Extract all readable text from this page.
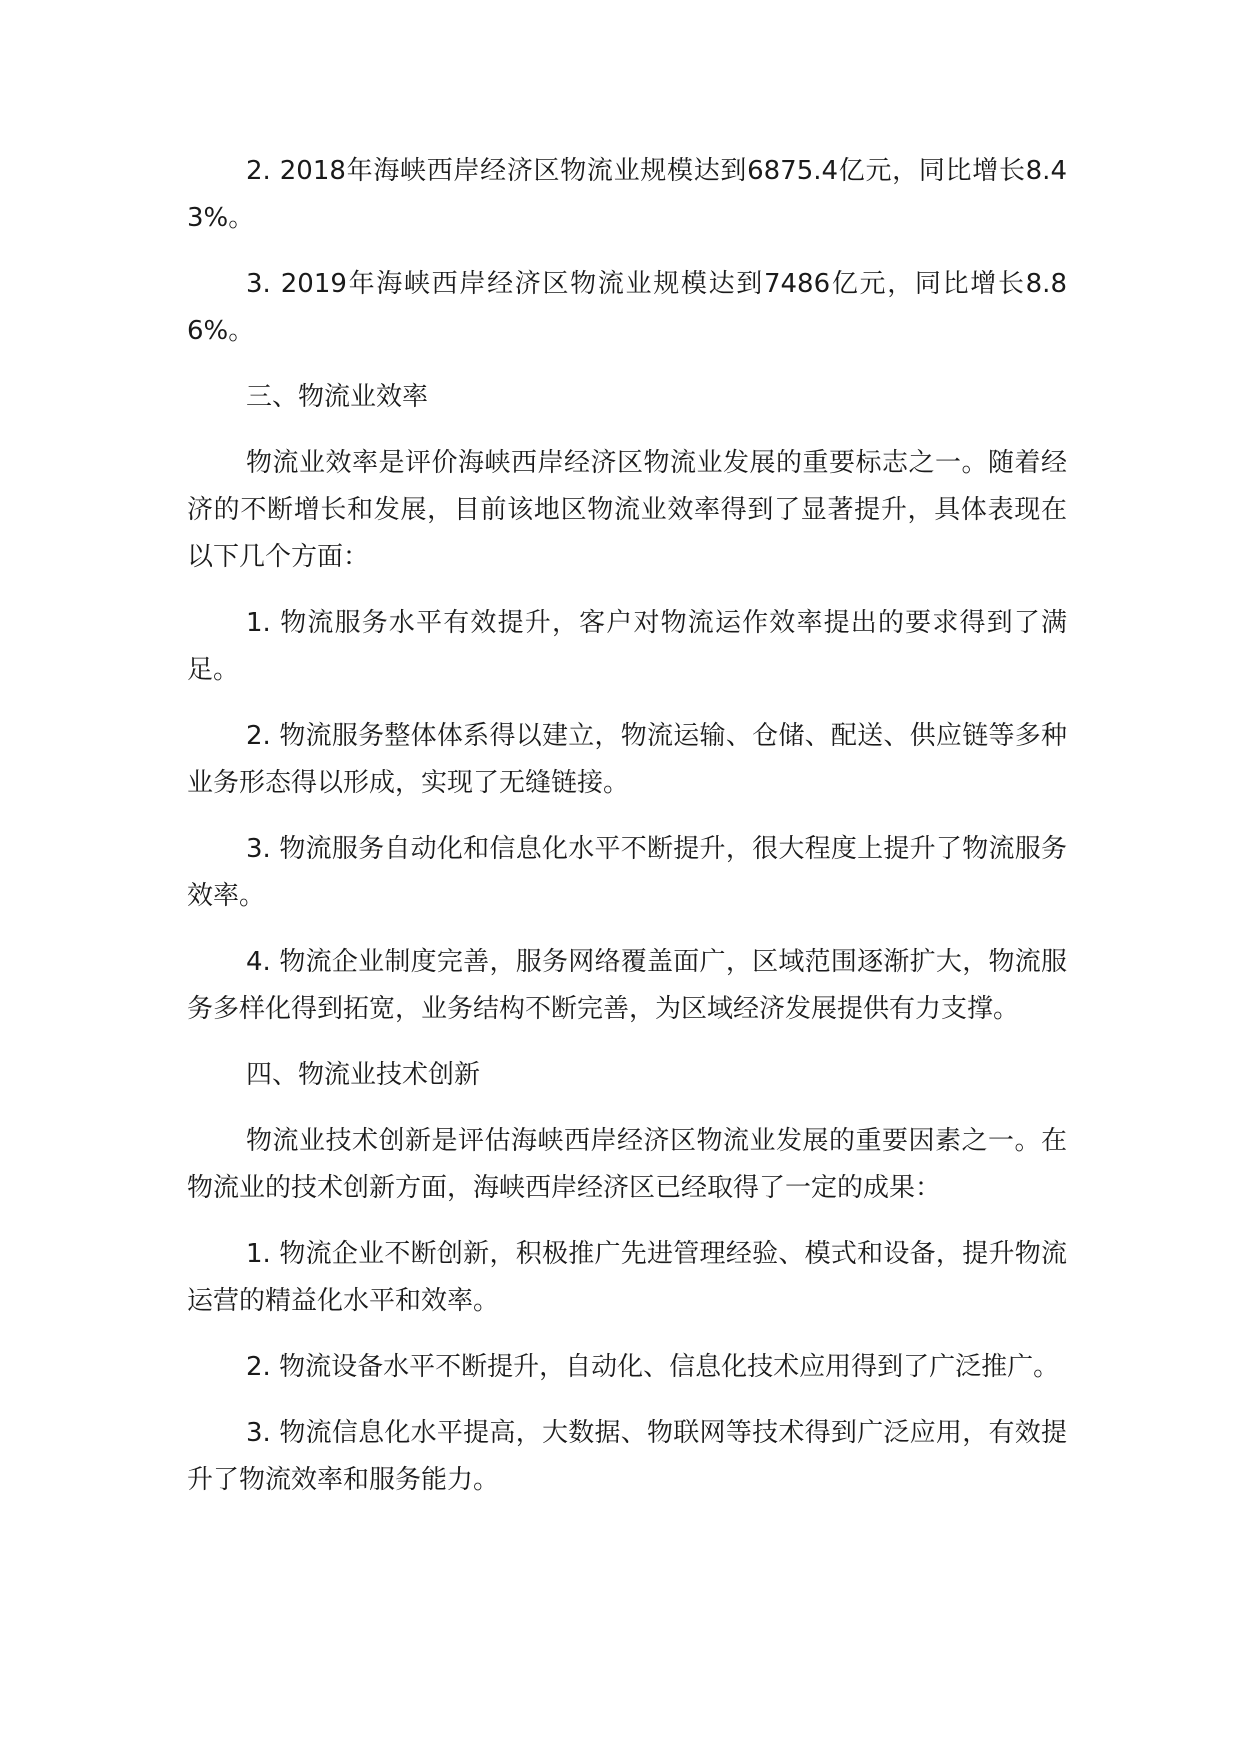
2. 2018年海峡西岸经济区物流业规模达到6875.4亿元，同比增长8.43%。

3. 2019年海峡西岸经济区物流业规模达到7486亿元，同比增长8.86%。

三、物流业效率

物流业效率是评价海峡西岸经济区物流业发展的重要标志之一。随着经济的不断增长和发展，目前该地区物流业效率得到了显著提升，具体表现在以下几个方面：

1. 物流服务水平有效提升，客户对物流运作效率提出的要求得到了满足。

2. 物流服务整体体系得以建立，物流运输、仓储、配送、供应链等多种业务形态得以形成，实现了无缝链接。

3. 物流服务自动化和信息化水平不断提升，很大程度上提升了物流服务效率。

4. 物流企业制度完善，服务网络覆盖面广，区域范围逐渐扩大，物流服务多样化得到拓宽，业务结构不断完善，为区域经济发展提供有力支撑。

四、物流业技术创新

物流业技术创新是评估海峡西岸经济区物流业发展的重要因素之一。在物流业的技术创新方面，海峡西岸经济区已经取得了一定的成果：

1. 物流企业不断创新，积极推广先进管理经验、模式和设备，提升物流运营的精益化水平和效率。

2. 物流设备水平不断提升，自动化、信息化技术应用得到了广泛推广。

3. 物流信息化水平提高，大数据、物联网等技术得到广泛应用，有效提升了物流效率和服务能力。
